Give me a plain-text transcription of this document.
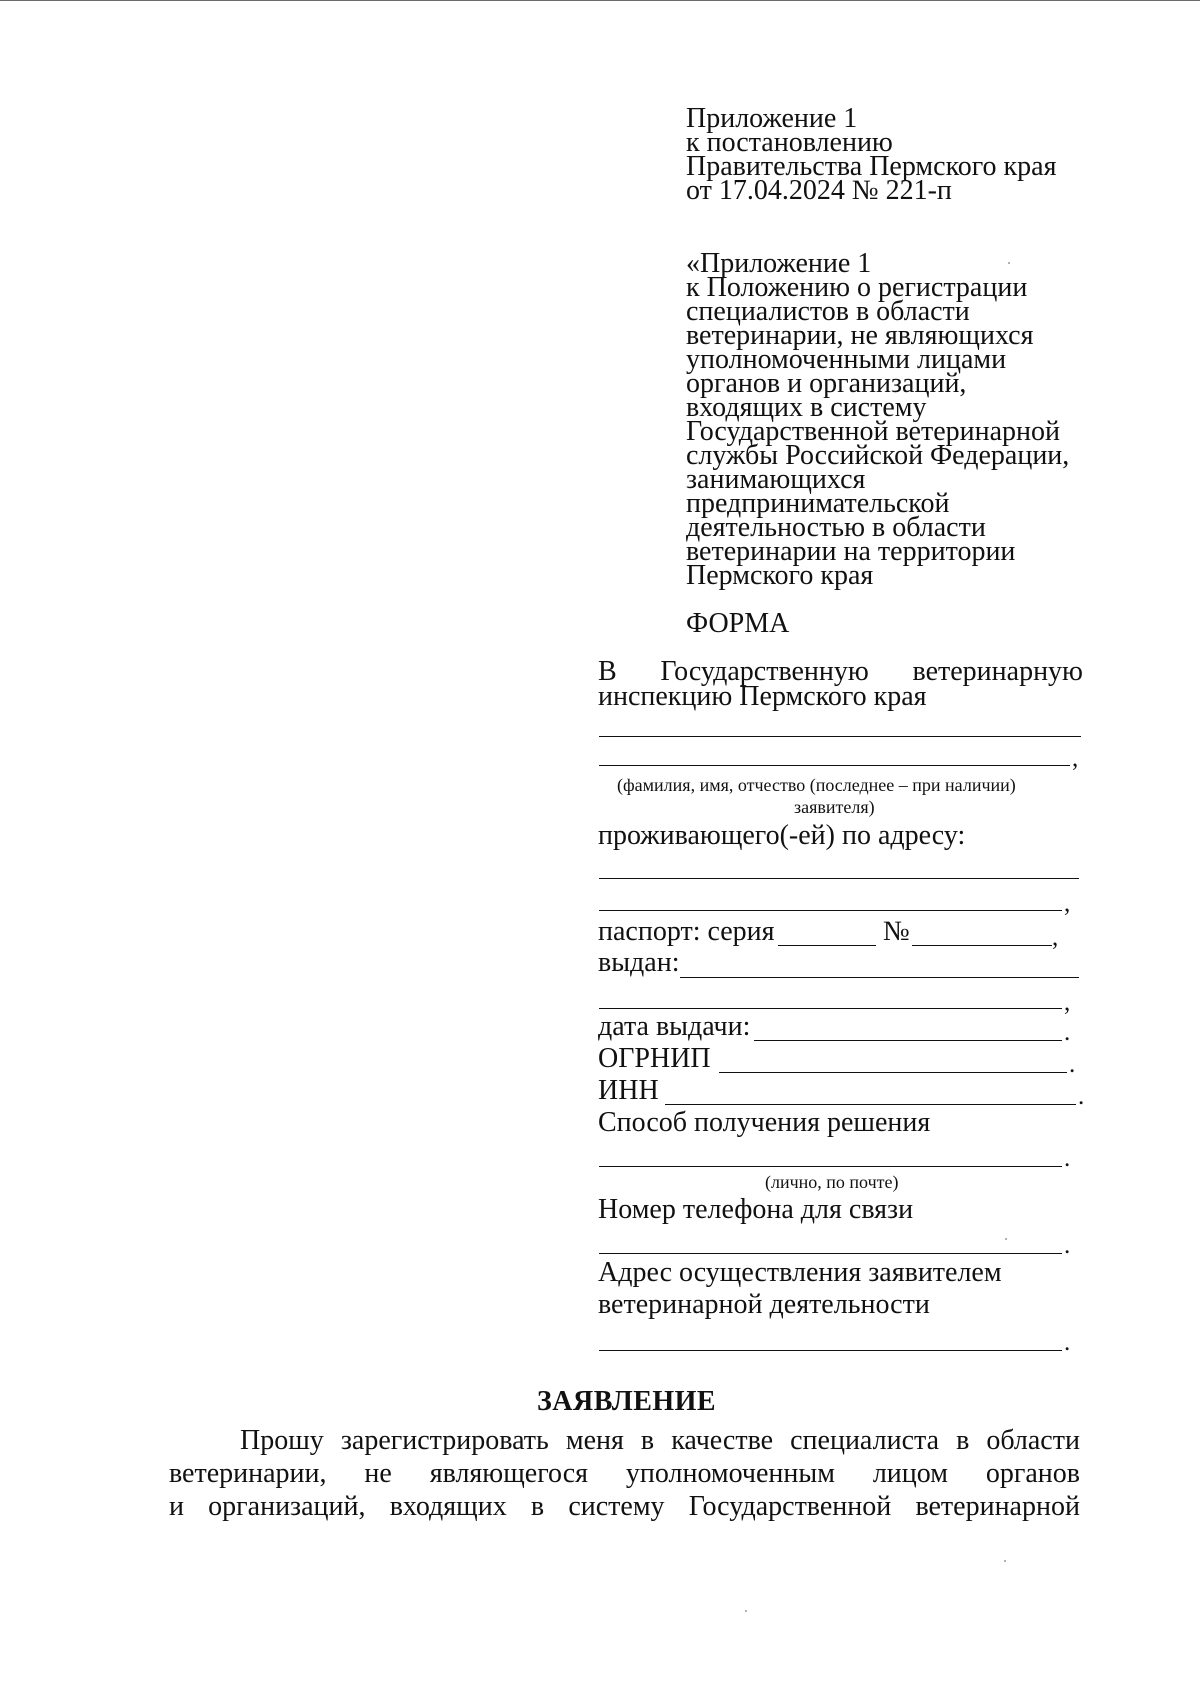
Приложение 1
к постановлению
Правительства Пермского края
от 17.04.2024 № 221-п
«Приложение 1
к Положению о регистрации
специалистов в области
ветеринарии, не являющихся
уполномоченными лицами
органов и организаций,
входящих в систему
Государственной ветеринарной
службы Российской Федерации,
занимающихся
предпринимательской
деятельностью в области
ветеринарии на территории
Пермского края
ФОРМА
В Государственную ветеринарную
инспекцию Пермского края
,
(фамилия, имя, отчество (последнее – при наличии)
заявителя)
проживающего(-ей) по адресу:
,
паспорт: серия	№	,
выдан:
,
дата выдачи:	.
ОГРНИП	.
ИНН	.
Способ получения решения
.
(лично, по почте)
Номер телефона для связи
.
Адрес осуществления заявителем
ветеринарной деятельности
.
ЗАЯВЛЕНИЕ
Прошу зарегистрировать меня в качестве специалиста в области
ветеринарии, не являющегося уполномоченным лицом органов
и организаций, входящих в систему Государственной ветеринарной
